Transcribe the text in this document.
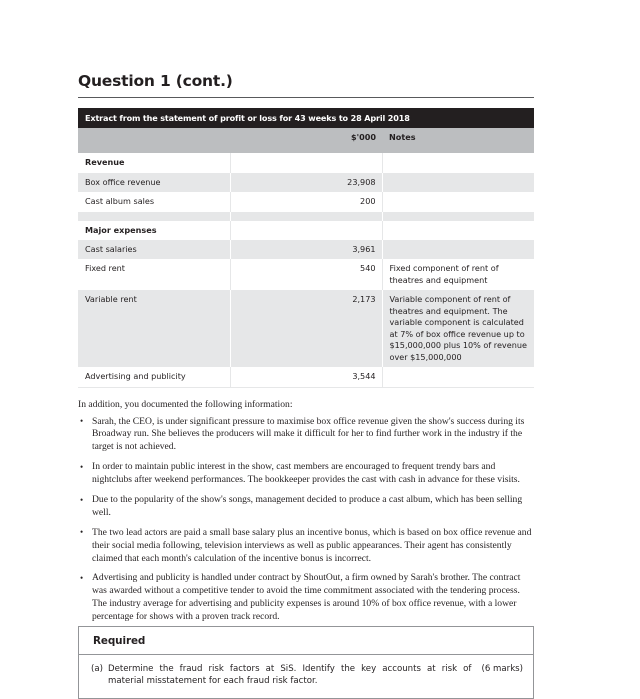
Question 1 (cont.)
Extract from the statement of profit or loss for 43 weeks to 28 April 2018		
	$'000	Notes
Revenue		
Box office revenue	23,908	
Cast album sales	200	

Major expenses		
Cast salaries	3,961	
Fixed rent	540	Fixed component of rent of theatres and equipment
Variable rent	2,173	Variable component of rent of theatres and equipment. The variable component is calculated at 7% of box office revenue up to $15,000,000 plus 10% of revenue over $15,000,000
Advertising and publicity	3,544	

In addition, you documented the following information:

• Sarah, the CEO, is under significant pressure to maximise box office revenue given the show's success during its Broadway run. She believes the producers will make it difficult for her to find further work in the industry if the target is not achieved.
• In order to maintain public interest in the show, cast members are encouraged to frequent trendy bars and nightclubs after weekend performances. The bookkeeper provides the cast with cash in advance for these visits.
• Due to the popularity of the show's songs, management decided to produce a cast album, which has been selling well.
• The two lead actors are paid a small base salary plus an incentive bonus, which is based on box office revenue and their social media following, television interviews as well as public appearances. Their agent has consistently claimed that each month's calculation of the incentive bonus is incorrect.
• Advertising and publicity is handled under contract by ShoutOut, a firm owned by Sarah's brother. The contract was awarded without a competitive tender to avoid the time commitment associated with the tendering process. The industry average for advertising and publicity expenses is around 10% of box office revenue, with a lower percentage for shows with a proven track record.
Required
(a) Determine the fraud risk factors at SiS. Identify the key accounts at risk of	(6 marks)
material misstatement for each fraud risk factor.
